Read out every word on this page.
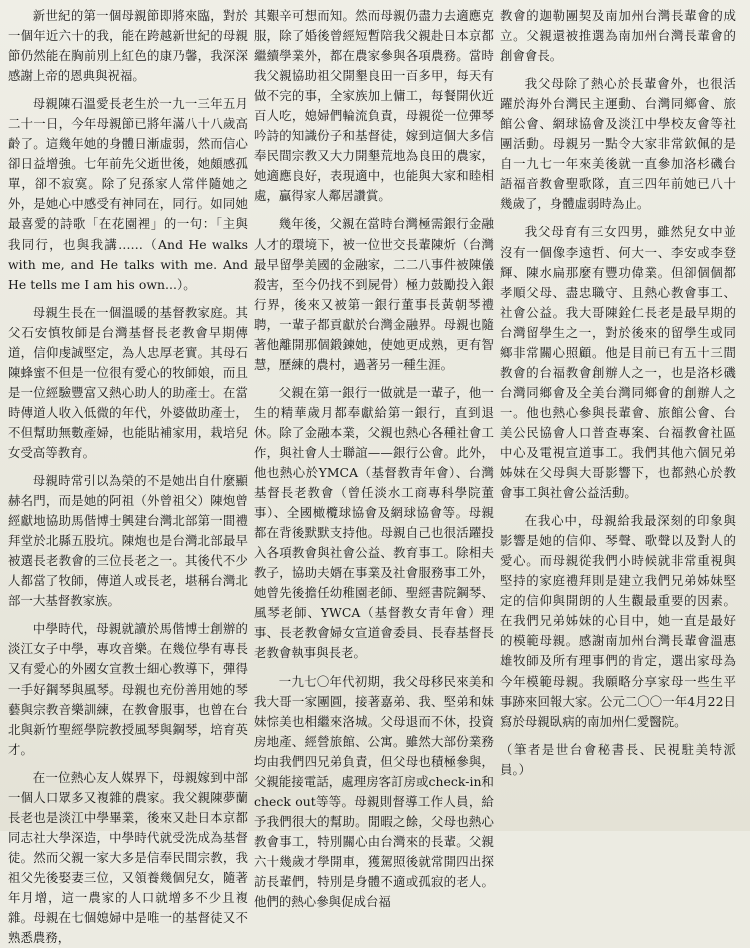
新世紀的第一個母親節即將來臨，對於一個年近六十的我，能在跨越新世紀的母親節仍然能在胸前別上紅色的康乃馨，我深深感謝上帝的恩典與祝福。

母親陳石溫愛長老生於一九一三年五月二十一日，今年母親節已將年滿八十八歲高齡了。這幾年她的身體日漸虛弱，然而信心卻日益增強。七年前先父逝世後，她頗感孤單，卻不寂寞。除了兒孫家人常伴隨她之外，是她心中感受有神同在，同行。如同她最喜愛的詩歌「在花園裡」的一句：「主與我同行，也與我講……（And He walks with me, and He talks with me. And He tells me I am his own...）。

母親生長在一個溫暖的基督教家庭。其父石安慎牧師是台灣基督長老教會早期傳道，信仰虔誠堅定，為人忠厚老實。其母石陳蜂蜜不但是一位很有愛心的牧師娘，而且是一位經驗豐富又熱心助人的助產士。在當時傳道人收入低微的年代，外婆做助產士，不但幫助無數產婦，也能貼補家用，栽培兒女受高等教育。

母親時常引以為榮的不是她出自什麼顯赫名門，而是她的阿祖（外曾祖父）陳炮曾經獻地協助馬偕博士興建台灣北部第一間禮拜堂於北縣五股坑。陳炮也是台灣北部最早被選長老教會的三位長老之一。其後代不少人都當了牧師，傳道人或長老，堪稱台灣北部一大基督教家族。

中學時代，母親就讀於馬偕博士創辦的淡江女子中學，專攻音樂。在幾位學有專長又有愛心的外國女宣教士細心教導下，彈得一手好鋼琴與風琴。母親也充份善用她的琴藝與宗教音樂訓練，在教會服事，也曾在台北與新竹聖經學院教授風琴與鋼琴，培育英才。

在一位熱心友人媒界下，母親嫁到中部一個人口眾多又複雜的農家。我父親陳夢蘭長老也是淡江中學畢業，後來又赴日本京都同志社大學深造，中學時代就受洗成為基督徒。然而父親一家大多是信奉民間宗教，我祖父先後娶妻三位，又領養幾個兒女，隨著年月增，這一農家的人口就增多不少且複雜。母親在七個媳婦中是唯一的基督徒又不熟悉農務，

其艱辛可想而知。然而母親仍盡力去適應克服，除了婚後曾經短暫陪我父親赴日本京都繼續學業外，都在農家參與各項農務。當時我父親協助祖父開墾良田一百多甲，每天有做不完的事，全家族加上傭工，每餐開伙近百人吃，媳婦們輪流負責，母親從一位彈琴吟詩的知識份子和基督徒，嫁到這個大多信奉民間宗教又大力開墾荒地為良田的農家，她適應良好，表現適中，也能與大家和睦相處，贏得家人鄰居讚賞。

幾年後，父親在當時台灣極需銀行金融人才的環境下，被一位世交長輩陳炘（台灣最早留學美國的金融家，二二八事件被陳儀殺害，至今仍找不到屍骨）極力鼓勵投入銀行界，後來又被第一銀行董事長黃朝琴禮聘，一輩子都貢獻於台灣金融界。母親也隨著他離開那個鍛鍊她，使她更成熟，更有智慧，歷練的農村，過著另一種生涯。

父親在第一銀行一做就是一輩子，他一生的精華歲月都奉獻給第一銀行，直到退休。除了金融本業，父親也熱心各種社會工作，與社會人士聯誼——銀行公會。此外，他也熱心於YMCA（基督教青年會）、台灣基督長老教會（曾任淡水工商專科學院董事）、全國橄欖球協會及網球協會等。母親都在背後默默支持他。母親自己也很活躍投入各項教會與社會公益、教育事工。除相夫教子，協助夫婿在事業及社會服務事工外，她曾先後擔任幼稚園老師、聖經書院鋼琴、風琴老師、YWCA（基督教女青年會）理事、長老教會婦女宣道會委員、長春基督長老教會執事與長老。

一九七〇年代初期，我父母移民來美和我大哥一家團圓，接著嘉弟、我、堅弟和妹妹悰美也相繼來洛城。父母退而不休，投資房地產、經營旅館、公寓。雖然大部份業務均由我們四兄弟負責，但父母也積極參與，父親能接電話，處理房客訂房或check-in和check out等等。母親則督導工作人員，給予我們很大的幫助。閒暇之餘，父母也熱心教會事工，特別關心由台灣來的長輩。父親六十幾歲才學開車，獲駕照後就常開四出探訪長輩們，特別是身體不適或孤寂的老人。他們的熱心參與促成台福

教會的迦勒團契及南加州台灣長輩會的成立。父親還被推選為南加州台灣長輩會的創會會長。

我父母除了熱心於長輩會外，也很活躍於海外台灣民主運動、台灣同鄉會、旅館公會、網球協會及淡江中學校友會等社團活動。母親另一點令大家非常欽佩的是自一九七一年來美後就一直參加洛杉磯台語福音教會聖歌隊，直三四年前她已八十幾歲了，身體虛弱時為止。

我父母育有三女四男，雖然兒女中並沒有一個像李遠哲、何大一、李安或李登輝、陳水扁那麼有豐功偉業。但卻個個都孝順父母、盡忠職守、且熱心教會事工、社會公益。我大哥陳銓仁長老是最早期的台灣留學生之一，對於後來的留學生或同鄉非常關心照顧。他是目前已有五十三間教會的台福教會創辦人之一，也是洛杉磯台灣同鄉會及全美台灣同鄉會的創辦人之一。他也熱心參與長輩會、旅館公會、台美公民協會人口普查專案、台福教會社區中心及電視宣道事工。我們其他六個兄弟姊妹在父母與大哥影響下，也都熱心於教會事工與社會公益活動。

在我心中，母親給我最深刻的印象與影響是她的信仰、琴聲、歌聲以及對人的愛心。而母親從我們小時候就非常重視與堅持的家庭禮拜則是建立我們兄弟姊妹堅定的信仰與開朗的人生觀最重要的因素。在我們兄弟姊妹的心目中，她一直是最好的模範母親。感謝南加州台灣長輩會溫惠雄牧師及所有理事們的肯定，選出家母為今年模範母親。我願略分享家母一些生平事跡來回報大家。公元二〇〇一年4月22日寫於母親臥病的南加州仁愛醫院。

（筆者是世台會秘書長、民視駐美特派員。）
